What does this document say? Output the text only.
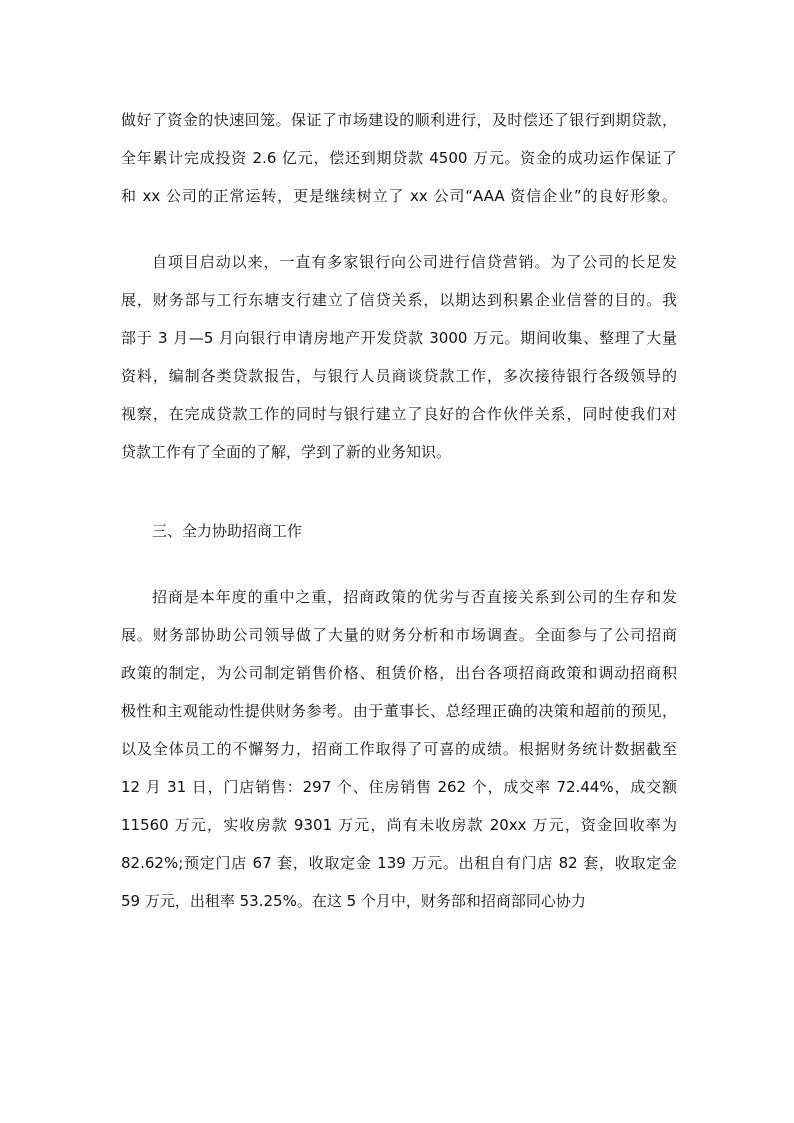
做好了资金的快速回笼。保证了市场建设的顺利进行，及时偿还了银行到期贷款，
全年累计完成投资 2.6 亿元，偿还到期贷款 4500 万元。资金的成功运作保证了
和 xx 公司的正常运转，更是继续树立了 xx 公司“AAA 资信企业”的良好形象。
自项目启动以来，一直有多家银行向公司进行信贷营销。为了公司的长足发
展，财务部与工行东塘支行建立了信贷关系，以期达到积累企业信誉的目的。我
部于 3 月—5 月向银行申请房地产开发贷款 3000 万元。期间收集、整理了大量
资料，编制各类贷款报告，与银行人员商谈贷款工作，多次接待银行各级领导的
视察，在完成贷款工作的同时与银行建立了良好的合作伙伴关系，同时使我们对
贷款工作有了全面的了解，学到了新的业务知识。
三、全力协助招商工作
招商是本年度的重中之重，招商政策的优劣与否直接关系到公司的生存和发
展。财务部协助公司领导做了大量的财务分析和市场调查。全面参与了公司招商
政策的制定，为公司制定销售价格、租赁价格，出台各项招商政策和调动招商积
极性和主观能动性提供财务参考。由于董事长、总经理正确的决策和超前的预见，
以及全体员工的不懈努力，招商工作取得了可喜的成绩。根据财务统计数据截至
12 月 31 日，门店销售：297 个、住房销售 262 个，成交率 72.44%，成交额
11560 万元，实收房款 9301 万元，尚有未收房款 20xx 万元，资金回收率为
82.62%;预定门店 67 套，收取定金 139 万元。出租自有门店 82 套，收取定金
59 万元，出租率 53.25%。在这 5 个月中，财务部和招商部同心协力
